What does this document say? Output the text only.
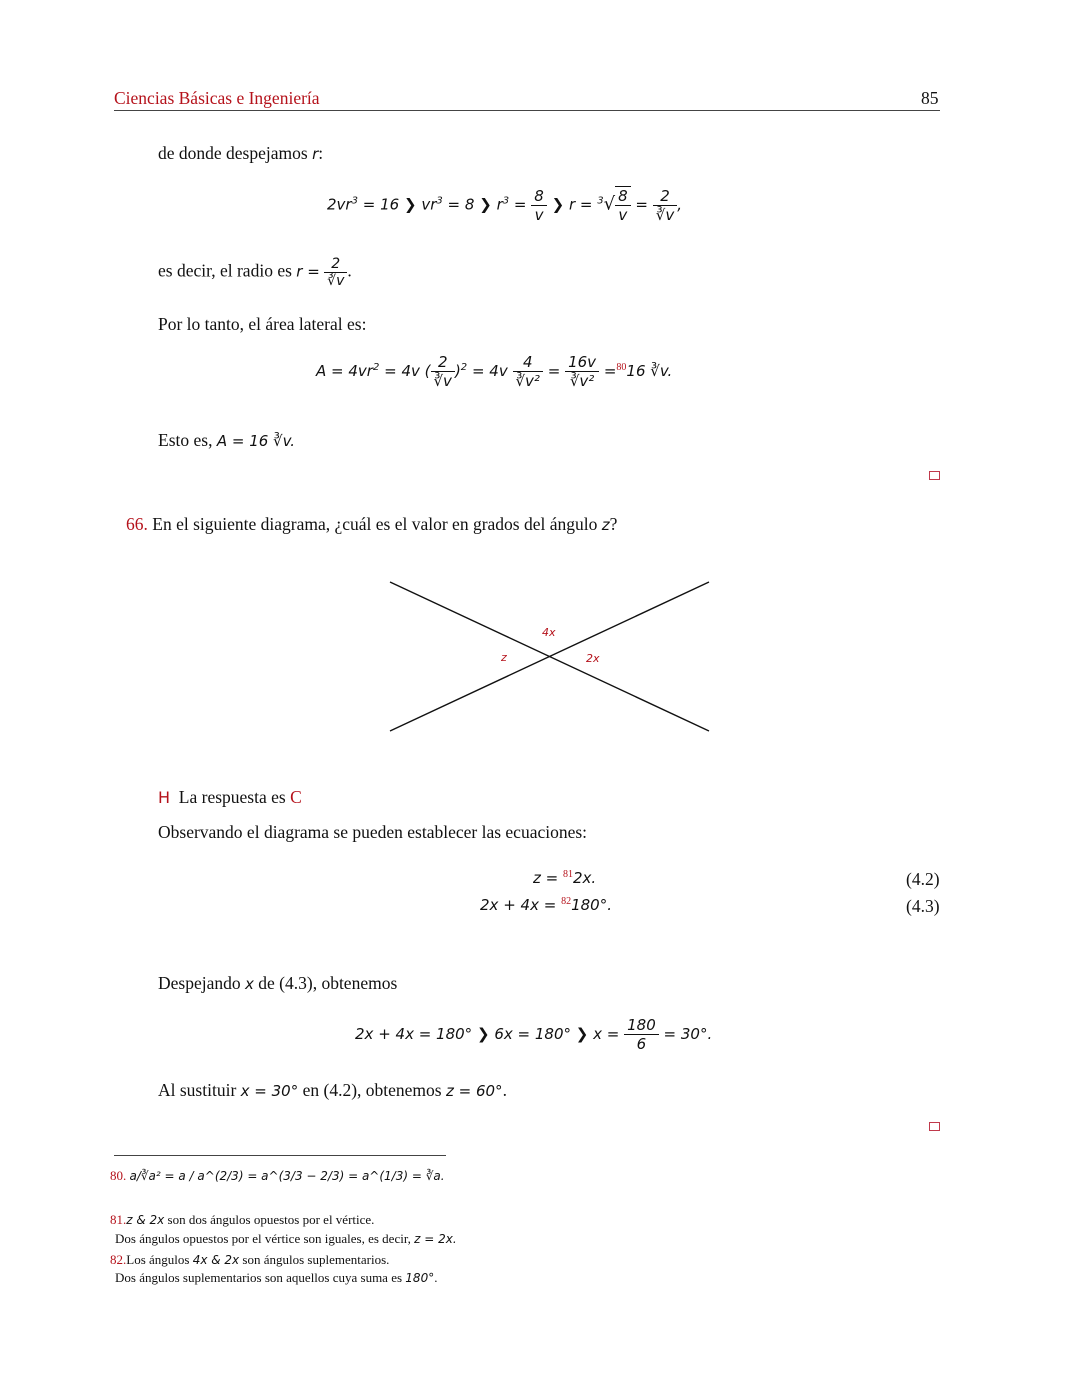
Ciencias Básicas e Ingeniería	85
de donde despejamos r:
$2vr^3 = 16$ ❯ $vr^3 = 8$ ❯ $r^3 = \frac{8}{v}$ ❯ $r = ^3√ \frac{8}{v} = \frac{2}{∛v}$ ,
es decir, el radio es $r = \frac{2}{∛v}$ .
Por lo tanto, el área lateral es:
$A = 4vr^2 = 4v$ ( $\frac{2}{∛v} )^2 = 4v \frac{4}{\text{∛v²}} = \frac{16v}{\text{∛v²}} =^{80}16$ ∛v.
Esto es, A = 16 ∛v.
66. En el siguiente diagrama, ¿cuál es el valor en grados del ángulo z?
4x
z	2x
H La respuesta es C
Observando el diagrama se pueden establecer las ecuaciones:
z = $^{81}$2x.	(4.2)
2x + 4x = $^{82}$180°.	(4.3)
Despejando x de (4.3), obtenemos
2x + 4x = 180° ❯ 6x = 180° ❯ $x = \frac{180}{6} = 30^\circ$.
Al sustituir x = 30° en (4.2), obtenemos z = 60°.
80. a/∛a² = a / a^(2/3) = a^(3/3 − 2/3) = a^(1/3) = ∛a.
81.z & 2x son dos ángulos opuestos por el vértice.
Dos ángulos opuestos por el vértice son iguales, es decir, z = 2x.
82.Los ángulos 4x & 2x son ángulos suplementarios.
Dos ángulos suplementarios son aquellos cuya suma es 180°.
